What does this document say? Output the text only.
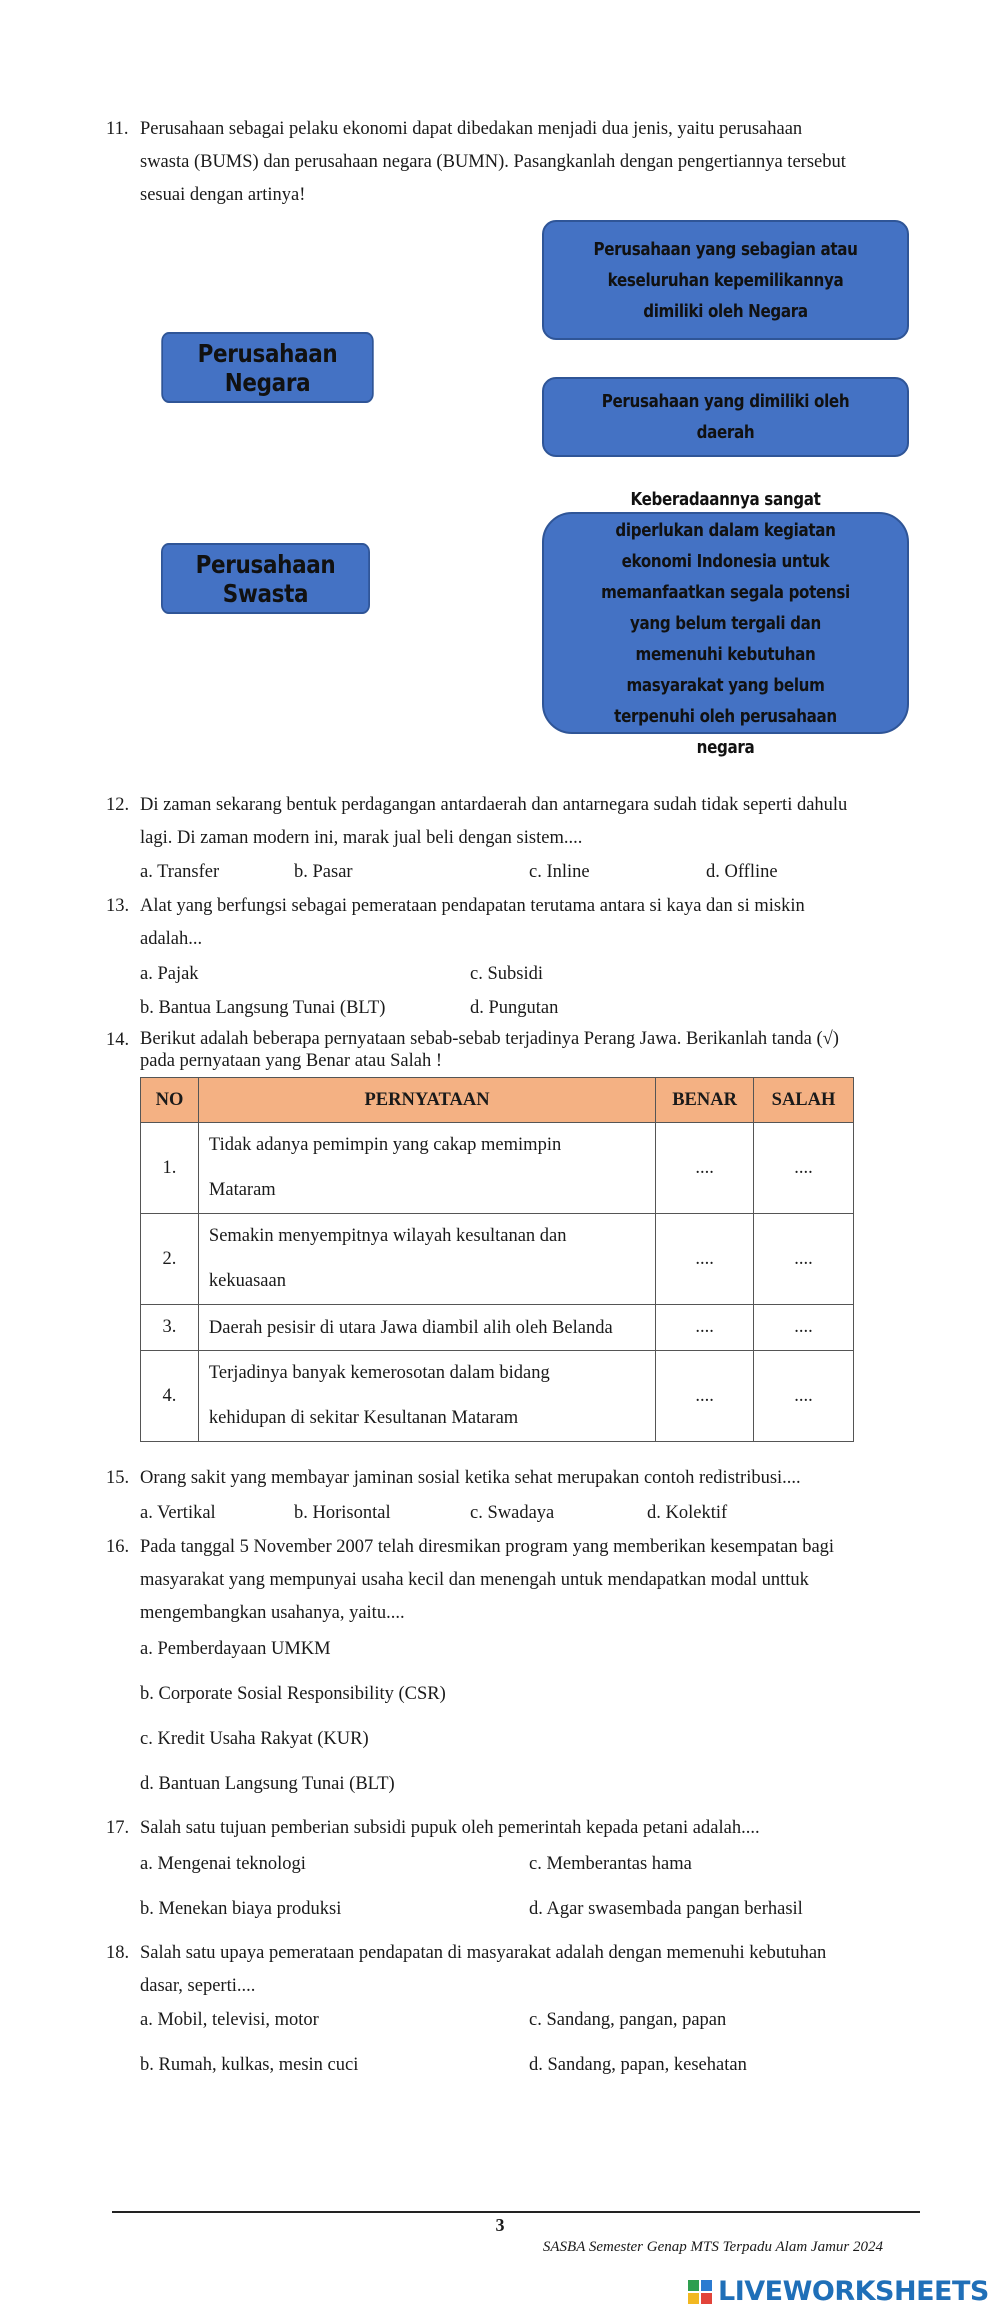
11. Perusahaan sebagai pelaku ekonomi dapat dibedakan menjadi dua jenis, yaitu perusahaan
swasta (BUMS) dan perusahaan negara (BUMN). Pasangkanlah dengan pengertiannya tersebut
sesuai dengan artinya!
Perusahaan yang sebagian atau keseluruhan kepemilikannya dimiliki oleh Negara
Perusahaan Negara
Perusahaan yang dimiliki oleh daerah
Perusahaan Swasta
Keberadaannya sangat diperlukan dalam kegiatan ekonomi Indonesia untuk memanfaatkan segala potensi yang belum tergali dan memenuhi kebutuhan masyarakat yang belum terpenuhi oleh perusahaan negara
12. Di zaman sekarang bentuk perdagangan antardaerah dan antarnegara sudah tidak seperti dahulu
lagi. Di zaman modern ini, marak jual beli dengan sistem....
a. Transfer	b. Pasar	c. Inline	d. Offline
13. Alat yang berfungsi sebagai pemerataan pendapatan terutama antara si kaya dan si miskin
adalah...
a. Pajak	c. Subsidi
b. Bantua Langsung Tunai (BLT)	d. Pungutan
14. Berikut adalah beberapa pernyataan sebab-sebab terjadinya Perang Jawa. Berikanlah tanda (√)
pada pernyataan yang Benar atau Salah !
NO	PERNYATAAN	BENAR	SALAH
1.	Tidak adanya pemimpin yang cakap memimpin
Mataram	....	....
2.	Semakin menyempitnya wilayah kesultanan dan
kekuasaan	....	....
3.	Daerah pesisir di utara Jawa diambil alih oleh Belanda	....	....
4.	Terjadinya banyak kemerosotan dalam bidang
kehidupan di sekitar Kesultanan Mataram	....	....
15. Orang sakit yang membayar jaminan sosial ketika sehat merupakan contoh redistribusi....
a. Vertikal	b. Horisontal	c. Swadaya	d. Kolektif
16. Pada tanggal 5 November 2007 telah diresmikan program yang memberikan kesempatan bagi
masyarakat yang mempunyai usaha kecil dan menengah untuk mendapatkan modal unttuk
mengembangkan usahanya, yaitu....
a. Pemberdayaan UMKM
b. Corporate Sosial Responsibility (CSR)
c. Kredit Usaha Rakyat (KUR)
d. Bantuan Langsung Tunai (BLT)
17. Salah satu tujuan pemberian subsidi pupuk oleh pemerintah kepada petani adalah....
a. Mengenai teknologi	c. Memberantas hama
b. Menekan biaya produksi	d. Agar swasembada pangan berhasil
18. Salah satu upaya pemerataan pendapatan di masyarakat adalah dengan memenuhi kebutuhan
dasar, seperti....
a. Mobil, televisi, motor	c. Sandang, pangan, papan
b. Rumah, kulkas, mesin cuci	d. Sandang, papan, kesehatan
3
SASBA Semester Genap MTS Terpadu Alam Jamur 2024
LIVEWORKSHEETS
